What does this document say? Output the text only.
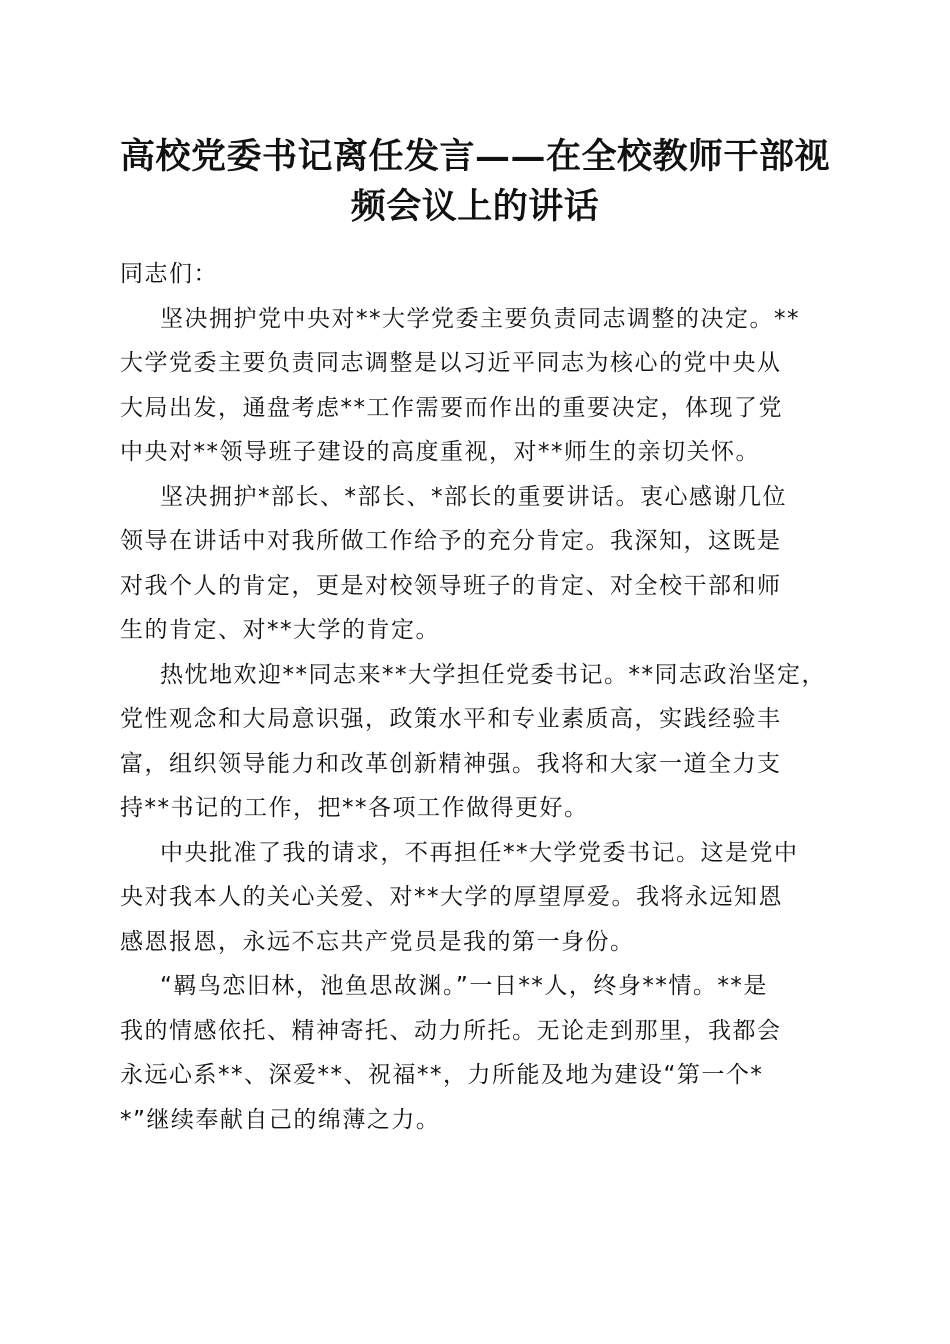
高校党委书记离任发言——在全校教师干部视
频会议上的讲话

同志们：

坚决拥护党中央对**大学党委主要负责同志调整的决定。**
大学党委主要负责同志调整是以习近平同志为核心的党中央从
大局出发，通盘考虑**工作需要而作出的重要决定，体现了党
中央对**领导班子建设的高度重视，对**师生的亲切关怀。

坚决拥护*部长、*部长、*部长的重要讲话。衷心感谢几位
领导在讲话中对我所做工作给予的充分肯定。我深知，这既是
对我个人的肯定，更是对校领导班子的肯定、对全校干部和师
生的肯定、对**大学的肯定。

热忱地欢迎**同志来**大学担任党委书记。**同志政治坚定，
党性观念和大局意识强，政策水平和专业素质高，实践经验丰
富，组织领导能力和改革创新精神强。我将和大家一道全力支
持**书记的工作，把**各项工作做得更好。

中央批准了我的请求，不再担任**大学党委书记。这是党中
央对我本人的关心关爱、对**大学的厚望厚爱。我将永远知恩
感恩报恩，永远不忘共产党员是我的第一身份。

“羁鸟恋旧林，池鱼思故渊。”一日**人，终身**情。**是
我的情感依托、精神寄托、动力所托。无论走到那里，我都会
永远心系**、深爱**、祝福**，力所能及地为建设“第一个*
*”继续奉献自己的绵薄之力。
